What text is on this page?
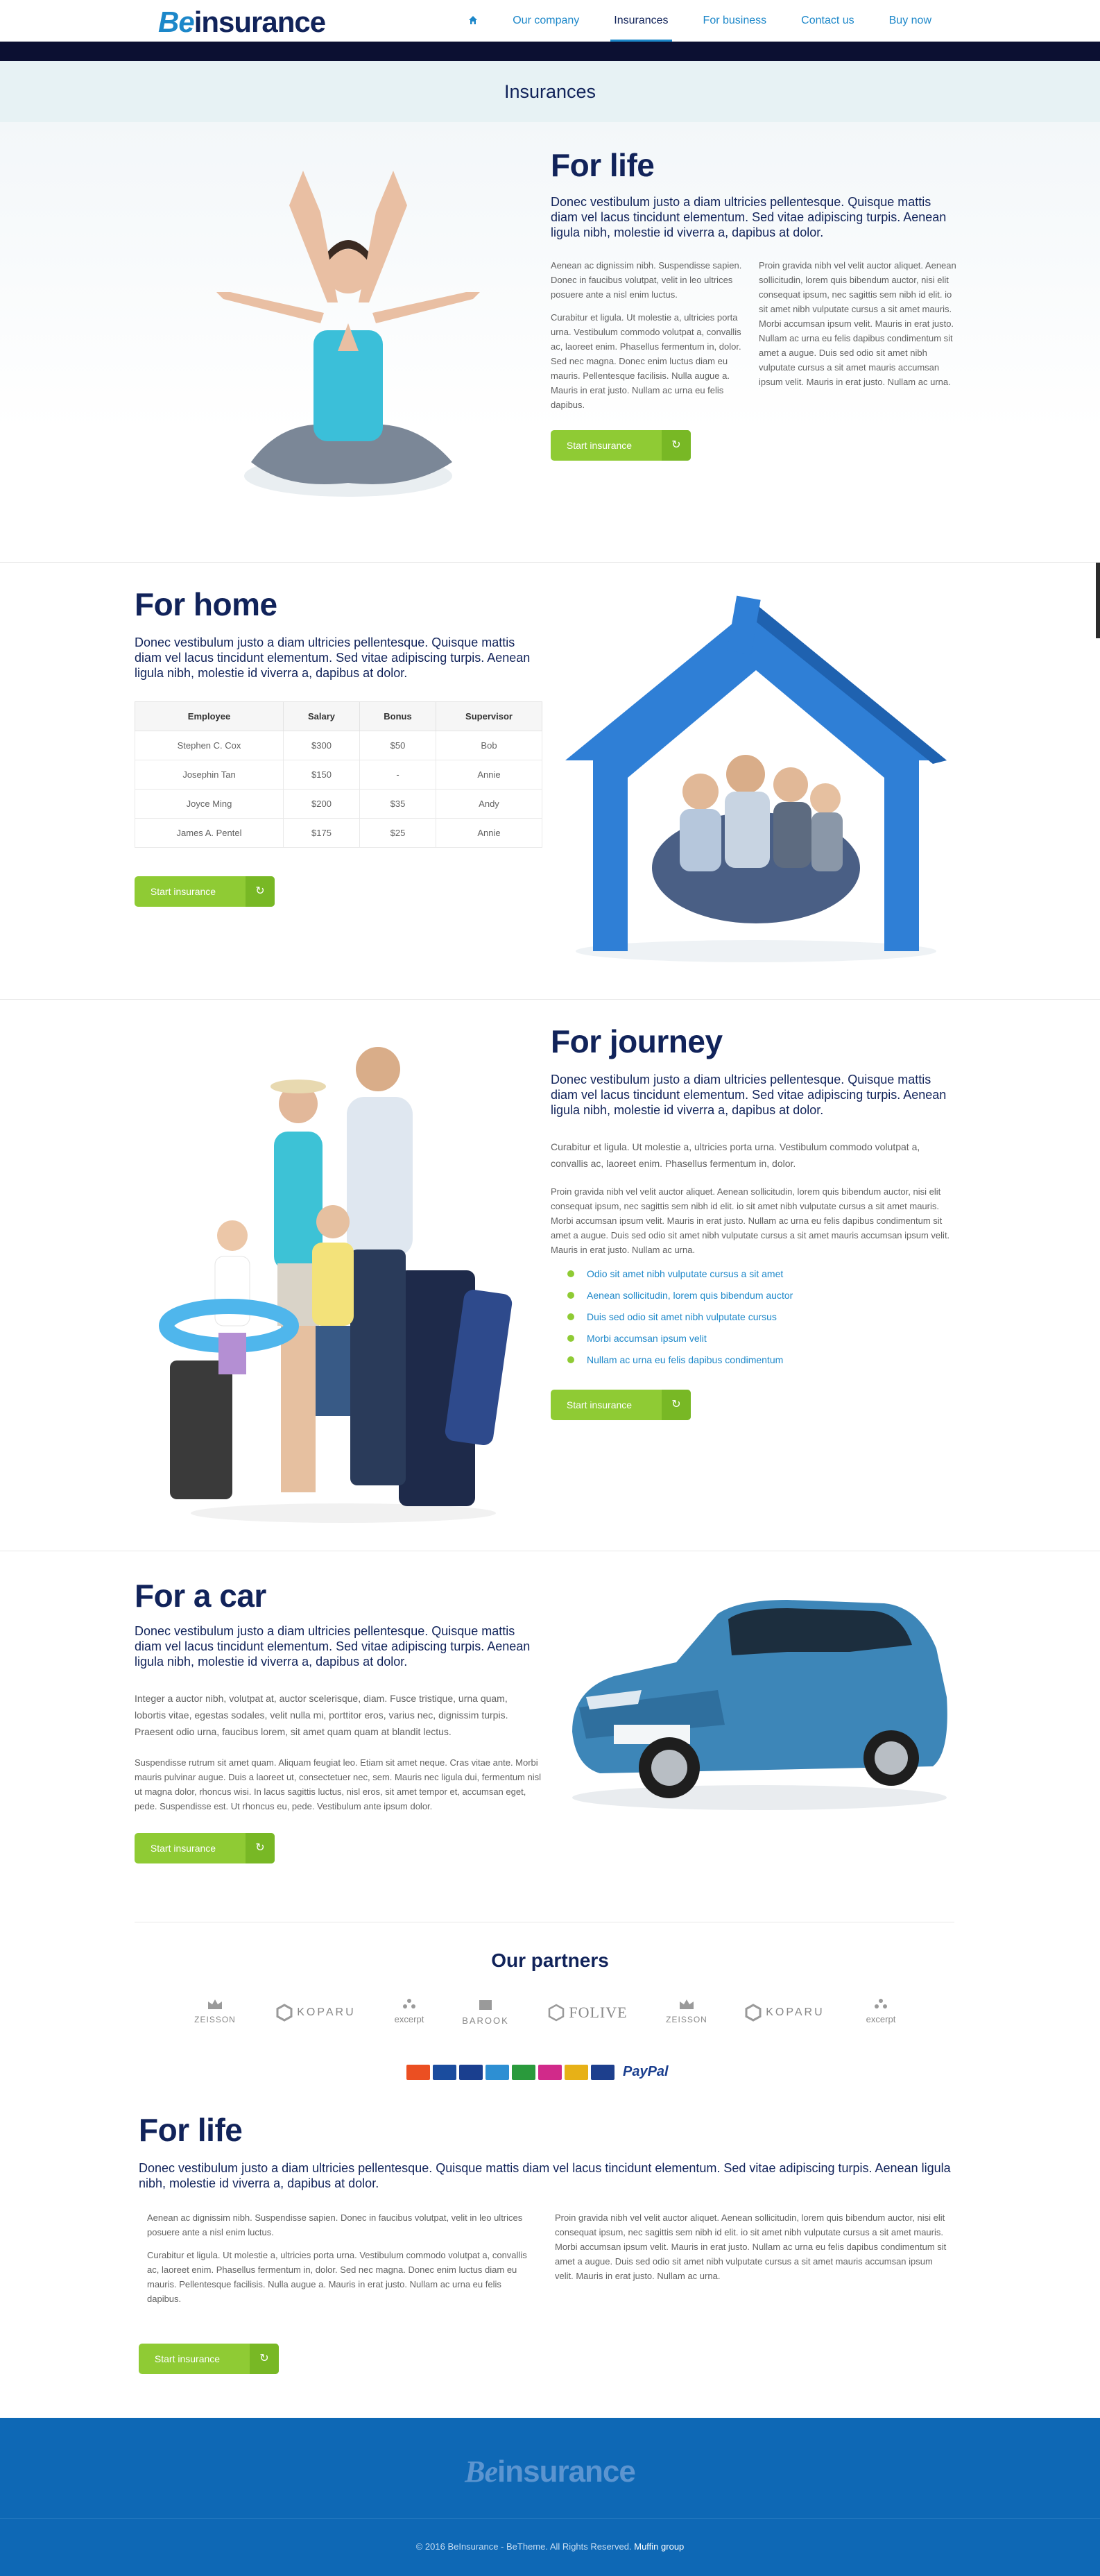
Beinsurance	Our company	Insurances	For business	Contact us	Buy now
Insurances
For life

Donec vestibulum justo a diam ultricies pellentesque. Quisque mattis diam vel lacus tincidunt elementum. Sed vitae adipiscing turpis. Aenean ligula nibh, molestie id viverra a, dapibus at dolor.

Aenean ac dignissim nibh. Suspendisse sapien. Donec in faucibus volutpat, velit in leo ultrices posuere ante a nisl enim luctus.

Curabitur et ligula. Ut molestie a, ultricies porta urna. Vestibulum commodo volutpat a, convallis ac, laoreet enim. Phasellus fermentum in, dolor. Sed nec magna. Donec enim luctus diam eu mauris. Pellentesque facilisis. Nulla augue a. Mauris in erat justo. Nullam ac urna eu felis dapibus.

Proin gravida nibh vel velit auctor aliquet. Aenean sollicitudin, lorem quis bibendum auctor, nisi elit consequat ipsum, nec sagittis sem nibh id elit. io sit amet nibh vulputate cursus a sit amet mauris. Morbi accumsan ipsum velit. Mauris in erat justo. Nullam ac urna eu felis dapibus condimentum sit amet a augue. Duis sed odio sit amet nibh vulputate cursus a sit amet mauris accumsan ipsum velit. Mauris in erat justo. Nullam ac urna.

Start insurance	↻
For home

Donec vestibulum justo a diam ultricies pellentesque. Quisque mattis diam vel lacus tincidunt elementum. Sed vitae adipiscing turpis. Aenean ligula nibh, molestie id viverra a, dapibus at dolor.

Employee	Salary	Bonus	Supervisor
Stephen C. Cox	$300	$50	Bob
Josephin Tan	$150	-	Annie
Joyce Ming	$200	$35	Andy
James A. Pentel	$175	$25	Annie
Start insurance	↻
For journey

Donec vestibulum justo a diam ultricies pellentesque. Quisque mattis diam vel lacus tincidunt elementum. Sed vitae adipiscing turpis. Aenean ligula nibh, molestie id viverra a, dapibus at dolor.

Curabitur et ligula. Ut molestie a, ultricies porta urna. Vestibulum commodo volutpat a, convallis ac, laoreet enim. Phasellus fermentum in, dolor.

Proin gravida nibh vel velit auctor aliquet. Aenean sollicitudin, lorem quis bibendum auctor, nisi elit consequat ipsum, nec sagittis sem nibh id elit. io sit amet nibh vulputate cursus a sit amet mauris. Morbi accumsan ipsum velit. Mauris in erat justo. Nullam ac urna eu felis dapibus condimentum sit amet a augue. Duis sed odio sit amet nibh vulputate cursus a sit amet mauris accumsan ipsum velit. Mauris in erat justo. Nullam ac urna.

Odio sit amet nibh vulputate cursus a sit amet
Aenean sollicitudin, lorem quis bibendum auctor
Duis sed odio sit amet nibh vulputate cursus
Morbi accumsan ipsum velit
Nullam ac urna eu felis dapibus condimentum
Start insurance	↻
For a car

Donec vestibulum justo a diam ultricies pellentesque. Quisque mattis diam vel lacus tincidunt elementum. Sed vitae adipiscing turpis. Aenean ligula nibh, molestie id viverra a, dapibus at dolor.

Integer a auctor nibh, volutpat at, auctor scelerisque, diam. Fusce tristique, urna quam, lobortis vitae, egestas sodales, velit nulla mi, porttitor eros, varius nec, dignissim turpis. Praesent odio urna, faucibus lorem, sit amet quam quam at blandit lectus.

Suspendisse rutrum sit amet quam. Aliquam feugiat leo. Etiam sit amet neque. Cras vitae ante. Morbi mauris pulvinar augue. Duis a laoreet ut, consectetuer nec, sem. Mauris nec ligula dui, fermentum nisl ut magna dolor, rhoncus wisi. In lacus sagittis luctus, nisl eros, sit amet tempor et, accumsan eget, pede. Suspendisse est. Ut rhoncus eu, pede. Vestibulum ante ipsum dolor.

Start insurance	↻
Our partners
ZEISSON
KOPARU
excerpt	BAROOK	FOLIVE	ZEISSON
KOPARU
excerpt
PayPal
For life

Donec vestibulum justo a diam ultricies pellentesque. Quisque mattis diam vel lacus tincidunt elementum. Sed vitae adipiscing turpis. Aenean ligula nibh, molestie id viverra a, dapibus at dolor.

Aenean ac dignissim nibh. Suspendisse sapien. Donec in faucibus volutpat, velit in leo ultrices posuere ante a nisl enim luctus.

Curabitur et ligula. Ut molestie a, ultricies porta urna. Vestibulum commodo volutpat a, convallis ac, laoreet enim. Phasellus fermentum in, dolor. Sed nec magna. Donec enim luctus diam eu mauris. Pellentesque facilisis. Nulla augue a. Mauris in erat justo. Nullam ac urna eu felis dapibus.

Proin gravida nibh vel velit auctor aliquet. Aenean sollicitudin, lorem quis bibendum auctor, nisi elit consequat ipsum, nec sagittis sem nibh id elit. io sit amet nibh vulputate cursus a sit amet mauris. Morbi accumsan ipsum velit. Mauris in erat justo. Nullam ac urna eu felis dapibus condimentum sit amet a augue. Duis sed odio sit amet nibh vulputate cursus a sit amet mauris accumsan ipsum velit. Mauris in erat justo. Nullam ac urna.

Start insurance	↻
Beinsurance
© 2016 BeInsurance - BeTheme. All Rights Reserved. Muffin group
